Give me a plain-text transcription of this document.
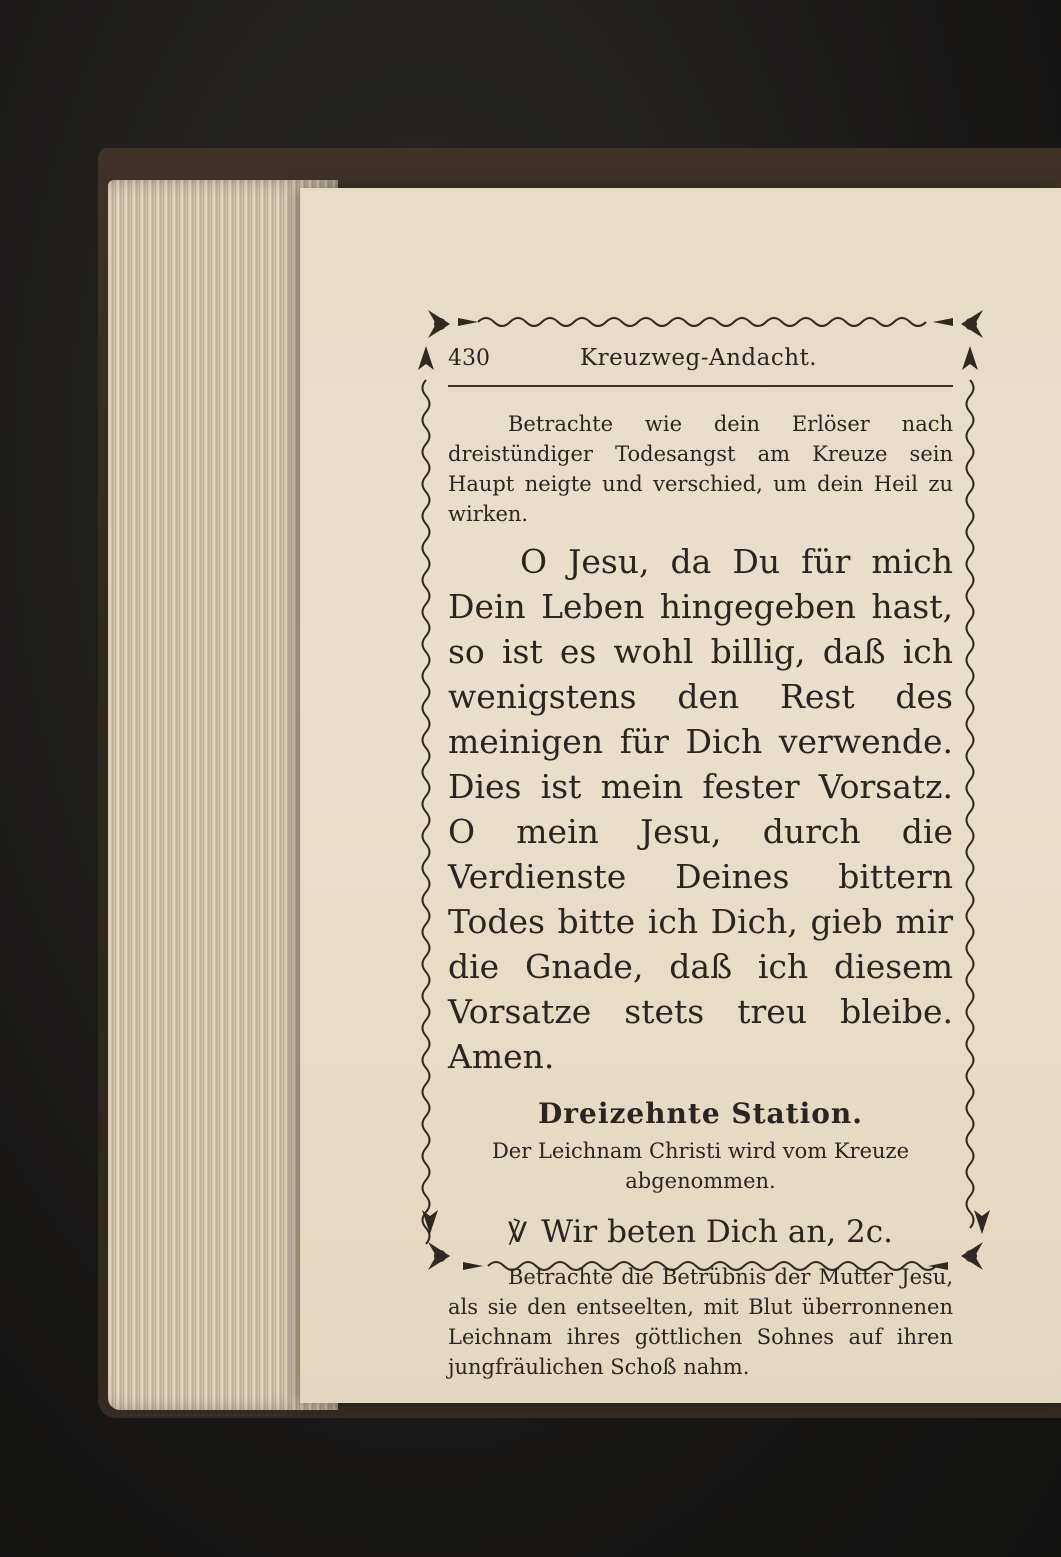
430	Kreuzweg-Andacht.

Betrachte wie dein Erlöser nach dreistündiger Todesangst am Kreuze sein Haupt neigte und verschied, um dein Heil zu wirken.

O Jesu, da Du für mich Dein Leben hingegeben hast, so ist es wohl billig, daß ich wenigstens den Rest des meinigen für Dich verwende. Dies ist mein fester Vorsatz. O mein Jesu, durch die Verdienste Deines bittern Todes bitte ich Dich, gieb mir die Gnade, daß ich diesem Vorsatze stets treu bleibe. Amen.

Dreizehnte Station.
Der Leichnam Christi wird vom Kreuze abgenommen.
℣ Wir beten Dich an, 2c.

Betrachte die Betrübnis der Mutter Jesu, als sie den entseelten, mit Blut überronnenen Leichnam ihres göttlichen Sohnes auf ihren jungfräulichen Schoß nahm.
